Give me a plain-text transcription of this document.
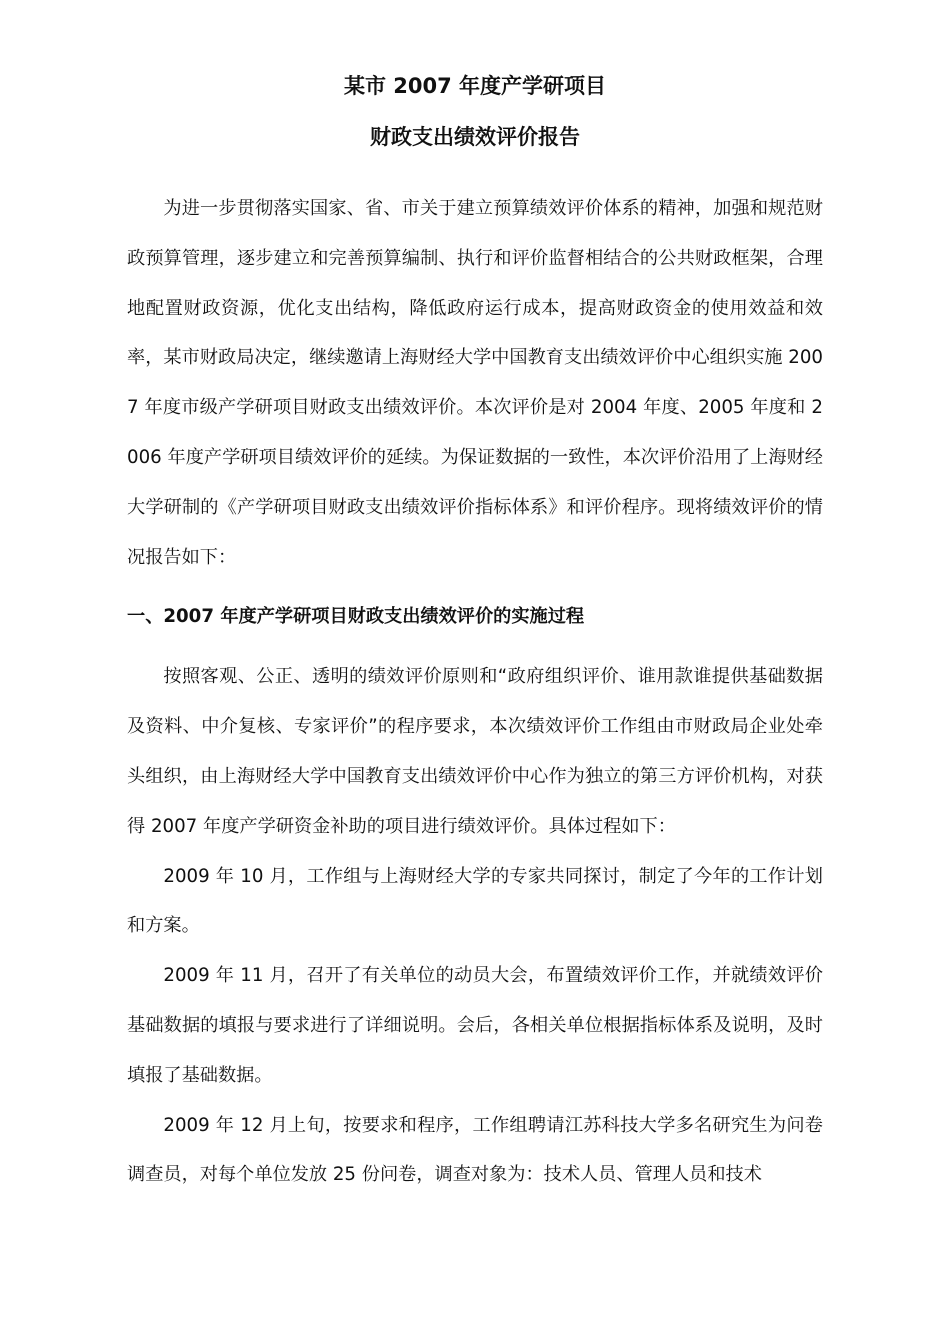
某市 2007 年度产学研项目
财政支出绩效评价报告

为进一步贯彻落实国家、省、市关于建立预算绩效评价体系的精神，加强和规范财政预算管理，逐步建立和完善预算编制、执行和评价监督相结合的公共财政框架，合理地配置财政资源，优化支出结构，降低政府运行成本，提高财政资金的使用效益和效率，某市财政局决定，继续邀请上海财经大学中国教育支出绩效评价中心组织实施 2007 年度市级产学研项目财政支出绩效评价。本次评价是对 2004 年度、2005 年度和 2006 年度产学研项目绩效评价的延续。为保证数据的一致性，本次评价沿用了上海财经大学研制的《产学研项目财政支出绩效评价指标体系》和评价程序。现将绩效评价的情况报告如下：

一、2007 年度产学研项目财政支出绩效评价的实施过程

按照客观、公正、透明的绩效评价原则和“政府组织评价、谁用款谁提供基础数据及资料、中介复核、专家评价”的程序要求，本次绩效评价工作组由市财政局企业处牵头组织，由上海财经大学中国教育支出绩效评价中心作为独立的第三方评价机构，对获得 2007 年度产学研资金补助的项目进行绩效评价。具体过程如下：

2009 年 10 月，工作组与上海财经大学的专家共同探讨，制定了今年的工作计划和方案。

2009 年 11 月，召开了有关单位的动员大会，布置绩效评价工作，并就绩效评价基础数据的填报与要求进行了详细说明。会后，各相关单位根据指标体系及说明，及时填报了基础数据。

2009 年 12 月上旬，按要求和程序，工作组聘请江苏科技大学多名研究生为问卷调查员，对每个单位发放 25 份问卷，调查对象为：技术人员、管理人员和技术
